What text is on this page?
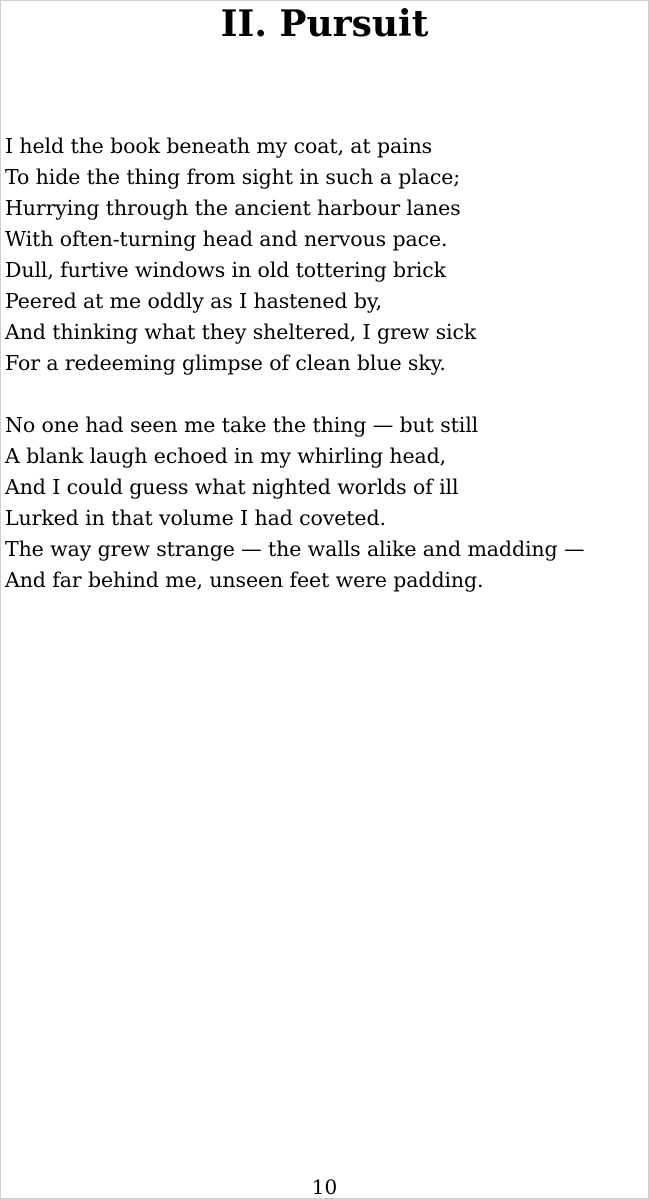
II. Pursuit
I held the book beneath my coat, at pains
To hide the thing from sight in such a place;
Hurrying through the ancient harbour lanes
With often-turning head and nervous pace.
Dull, furtive windows in old tottering brick
Peered at me oddly as I hastened by,
And thinking what they sheltered, I grew sick
For a redeeming glimpse of clean blue sky.
No one had seen me take the thing — but still
A blank laugh echoed in my whirling head,
And I could guess what nighted worlds of ill
Lurked in that volume I had coveted.
The way grew strange — the walls alike and madding —
And far behind me, unseen feet were padding.
10
